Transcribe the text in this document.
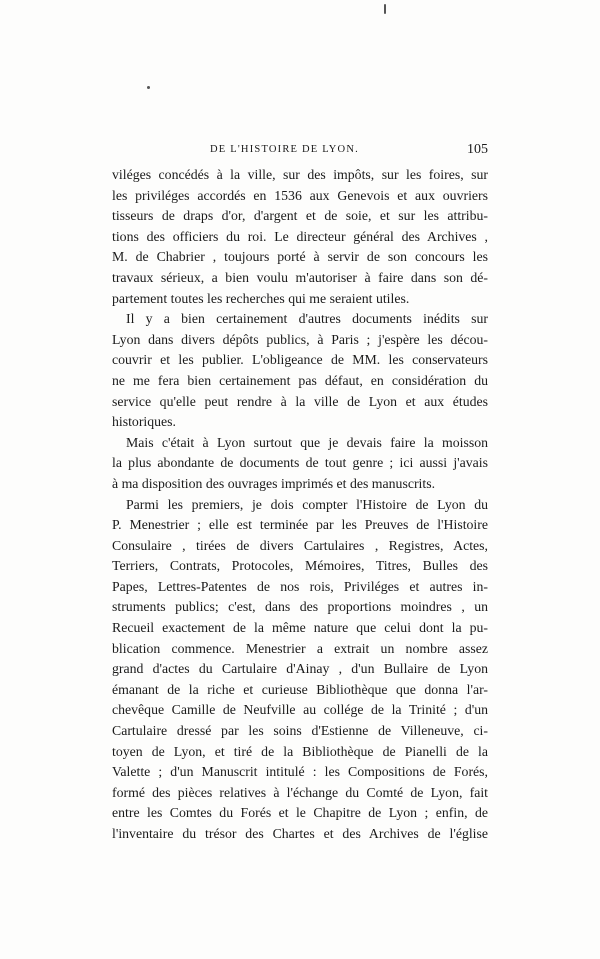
DE L'HISTOIRE DE LYON.	105
viléges concédés à la ville, sur des impôts, sur les foires, sur
les priviléges accordés en 1536 aux Genevois et aux ouvriers
tisseurs de draps d'or, d'argent et de soie, et sur les attribu-
tions des officiers du roi. Le directeur général des Archives ,
M. de Chabrier , toujours porté à servir de son concours les
travaux sérieux, a bien voulu m'autoriser à faire dans son dé-
partement toutes les recherches qui me seraient utiles.
Il y a bien certainement d'autres documents inédits sur
Lyon dans divers dépôts publics, à Paris ; j'espère les décou-
couvrir et les publier. L'obligeance de MM. les conservateurs
ne me fera bien certainement pas défaut, en considération du
service qu'elle peut rendre à la ville de Lyon et aux études
historiques.
Mais c'était à Lyon surtout que je devais faire la moisson
la plus abondante de documents de tout genre ; ici aussi j'avais
à ma disposition des ouvrages imprimés et des manuscrits.
Parmi les premiers, je dois compter l'Histoire de Lyon du
P. Menestrier ; elle est terminée par les Preuves de l'Histoire
Consulaire , tirées de divers Cartulaires , Registres, Actes,
Terriers, Contrats, Protocoles, Mémoires, Titres, Bulles des
Papes, Lettres-Patentes de nos rois, Priviléges et autres in-
struments publics; c'est, dans des proportions moindres , un
Recueil exactement de la même nature que celui dont la pu-
blication commence. Menestrier a extrait un nombre assez
grand d'actes du Cartulaire d'Ainay , d'un Bullaire de Lyon
émanant de la riche et curieuse Bibliothèque que donna l'ar-
chevêque Camille de Neufville au collége de la Trinité ; d'un
Cartulaire dressé par les soins d'Estienne de Villeneuve, ci-
toyen de Lyon, et tiré de la Bibliothèque de Pianelli de la
Valette ; d'un Manuscrit intitulé : les Compositions de Forés,
formé des pièces relatives à l'échange du Comté de Lyon, fait
entre les Comtes du Forés et le Chapitre de Lyon ; enfin, de
l'inventaire du trésor des Chartes et des Archives de l'église
